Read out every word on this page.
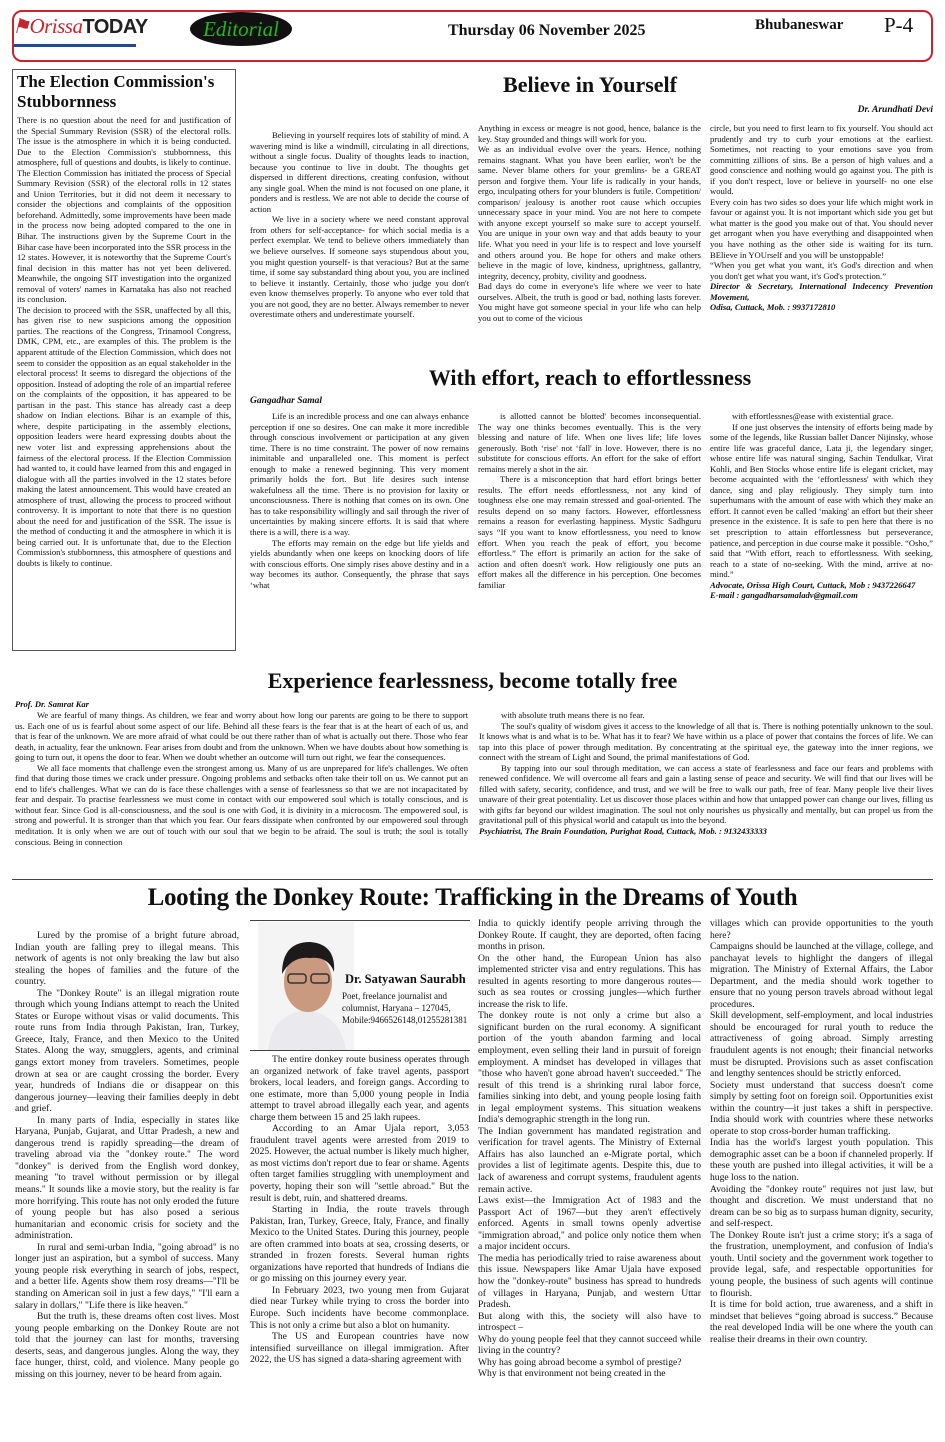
⚑OrissaTODAY	Editorial	Thursday 06 November 2025	Bhubaneswar P-4
The Election Commission's Stubbornness

There is no question about the need for and justification of the Special Summary Revision (SSR) of the electoral rolls. The issue is the atmosphere in which it is being conducted. Due to the Election Commission's stubbornness, this atmosphere, full of questions and doubts, is likely to continue.

The Election Commission has initiated the process of Special Summary Revision (SSR) of the electoral rolls in 12 states and Union Territories, but it did not deem it necessary to consider the objections and complaints of the opposition beforehand. Admittedly, some improvements have been made in the process now being adopted compared to the one in Bihar. The instructions given by the Supreme Court in the Bihar case have been incorporated into the SSR process in the 12 states. However, it is noteworthy that the Supreme Court's final decision in this matter has not yet been delivered. Meanwhile, the ongoing SIT investigation into the organized removal of voters' names in Karnataka has also not reached its conclusion.

The decision to proceed with the SSR, unaffected by all this, has given rise to new suspicions among the opposition parties. The reactions of the Congress, Trinamool Congress, DMK, CPM, etc., are examples of this. The problem is the apparent attitude of the Election Commission, which does not seem to consider the opposition as an equal stakeholder in the electoral process! It seems to disregard the objections of the opposition. Instead of adopting the role of an impartial referee on the complaints of the opposition, it has appeared to be partisan in the past. This stance has already cast a deep shadow on Indian elections. Bihar is an example of this, where, despite participating in the assembly elections, opposition leaders were heard expressing doubts about the new voter list and expressing apprehensions about the fairness of the electoral process. If the Election Commission had wanted to, it could have learned from this and engaged in dialogue with all the parties involved in the 12 states before making the latest announcement. This would have created an atmosphere of trust, allowing the process to proceed without controversy. It is important to note that there is no question about the need for and justification of the SSR. The issue is the method of conducting it and the atmosphere in which it is being carried out. It is unfortunate that, due to the Election Commission's stubbornness, this atmosphere of questions and doubts is likely to continue.

Believe in Yourself
Dr. Arundhati Devi

Believing in yourself requires lots of stability of mind. A wavering mind is like a windmill, circulating in all directions, without a single focus. Duality of thoughts leads to inaction, because you continue to live in doubt. The thoughts get dispersed in different directions, creating confusion, without any single goal. When the mind is not focused on one plane, it ponders and is restless. We are not able to decide the course of action

We live in a society where we need constant approval from others for self-acceptance- for which social media is a perfect exemplar. We tend to believe others immediately than we believe ourselves. If someone says stupendous about you, you might question yourself- is that veracious? But at the same time, if some say substandard thing about you, you are inclined to believe it instantly. Certainly, those who judge you don't even know themselves properly. To anyone who ever told that you are not good, they are no better. Always remember to never overestimate others and underestimate yourself.

Anything in excess or meagre is not good, hence, balance is the key. Stay grounded and things will work for you.

We as an individual evolve over the years. Hence, nothing remains stagnant. What you have been earlier, won't be the same. Never blame others for your gremlins- be a GREAT person and forgive them. Your life is radically in your hands, ergo, inculpating others for your blunders is futile. Competition/ comparison/ jealousy is another root cause which occupies unnecessary space in your mind. You are not here to compete with anyone except yourself so make sure to accept yourself. You are unique in your own way and that adds beauty to your life. What you need in your life is to respect and love yourself and others around you. Be hope for others and make others believe in the magic of love, kindness, uprightness, gallantry, integrity, decency, probity, civility and goodness.

Bad days do come in everyone's life where we veer to hate ourselves. Albeit, the truth is good or bad, nothing lasts forever. You might have got someone special in your life who can help you out to come of the vicious

circle, but you need to first learn to fix yourself. You should act prudently and try to curb your emotions at the earliest. Sometimes, not reacting to your emotions save you from committing zillions of sins. Be a person of high values and a good conscience and nothing would go against you. The pith is if you don't respect, love or believe in yourself- no one else would.

Every coin has two sides so does your life which might work in favour or against you. It is not important which side you get but what matter is the good you make out of that. You should never get arrogant when you have everything and disappointed when you have nothing as the other side is waiting for its turn. BElieve in YOUrself and you will be unstoppable!

“When you get what you want, it's God's direction and when you don't get what you want, it's God's protection.”

Director & Secretary, International Indecency Prevention Movement,
Odisa, Cuttack, Mob. : 9937172810
With effort, reach to effortlessness
Gangadhar Samal

Life is an incredible process and one can always enhance perception if one so desires. One can make it more incredible through conscious involvement or participation at any given time. There is no time constraint. The power of now remains inimitable and unparalleled one. This moment is perfect enough to make a renewed beginning. This very moment primarily holds the fort. But life desires such intense wakefulness all the time. There is no provision for laxity or unconsciousness. There is nothing that comes on its own. One has to take responsibility willingly and sail through the river of uncertainties by making sincere efforts. It is said that where there is a will, there is a way.

The efforts may remain on the edge but life yields and yields abundantly when one keeps on knocking doors of life with conscious efforts. One simply rises above destiny and in a way becomes its author. Consequently, the phrase that says ‘what

is allotted cannot be blotted' becomes inconsequential. The way one thinks becomes eventually. This is the very blessing and nature of life. When one lives life; life loves generously. Both ‘rise' not ‘fall' in love. However, there is no substitute for conscious efforts. An effort for the sake of effort remains merely a shot in the air.

There is a misconception that hard effort brings better results. The effort needs effortlessness, not any kind of toughness else one may remain stressed and goal-oriented. The results depend on so many factors. However, effortlessness remains a reason for everlasting happiness. Mystic Sadhguru says “If you want to know effortlessness, you need to know effort. When you reach the peak of effort, you become effortless.” The effort is primarily an action for the sake of action and often doesn't work. How religiously one puts an effort makes all the difference in his perception. One becomes familiar

with effortlessnes@ease with existential grace.

If one just observes the intensity of efforts being made by some of the legends, like Russian ballet Dancer Nijinsky, whose entire life was graceful dance, Lata ji, the legendary singer, whose entire life was natural singing, Sachin Tendulkar, Virat Kohli, and Ben Stocks whose entire life is elegant cricket, may become acquainted with the ‘effortlessness' with which they dance, sing and play religiously. They simply turn into superhumans with the amount of ease with which they make an effort. It cannot even be called ‘making' an effort but their sheer presence in the existence. It is safe to pen here that there is no set prescription to attain effortlessness but perseverance, patience, and perception in due course make it possible. “Osho,” said that “With effort, reach to effortlessness. With seeking, reach to a state of no-seeking. With the mind, arrive at no-mind.”

Advocate, Orissa High Court, Cuttack, Mob : 9437226647
E-mail : gangadharsamaladv@gmail.com
Experience fearlessness, become totally free
Prof. Dr. Samrat Kar

We are fearful of many things. As children, we fear and worry about how long our parents are going to be there to support us. Each one of us is fearful about some aspect of our life. Behind all these fears is the fear that is at the heart of each of us, and that is fear of the unknown. We are more afraid of what could be out there rather than of what is actually out there. Those who fear death, in actuality, fear the unknown. Fear arises from doubt and from the unknown. When we have doubts about how something is going to turn out, it opens the door to fear. When we doubt whether an outcome will turn out right, we fear the consequences.

We all face moments that challenge even the strongest among us. Many of us are unprepared for life's challenges. We often find that during those times we crack under pressure. Ongoing problems and setbacks often take their toll on us. We cannot put an end to life's challenges. What we can do is face these challenges with a sense of fearlessness so that we are not incapacitated by fear and despair. To practise fearlessness we must come in contact with our empowered soul which is totally conscious, and is without fear. Since God is all-consciousness, and the soul is one with God, it is divinity in a microcosm. The empowered soul, is strong and powerful. It is stronger than that which you fear. Our fears dissipate when confronted by our empowered soul through meditation. It is only when we are out of touch with our soul that we begin to be afraid. The soul is truth; the soul is totally conscious. Being in connection

with absolute truth means there is no fear.

The soul's quality of wisdom gives it access to the knowledge of all that is. There is nothing potentially unknown to the soul. It knows what is and what is to be. What has it to fear? We have within us a place of power that contains the forces of life. We can tap into this place of power through meditation. By concentrating at the spiritual eye, the gateway into the inner regions, we connect with the stream of Light and Sound, the primal manifestations of God.

By tapping into our soul through meditation, we can access a state of fearlessness and face our fears and problems with renewed confidence. We will overcome all fears and gain a lasting sense of peace and security. We will find that our lives will be filled with safety, security, confidence, and trust, and we will be free to walk our path, free of fear. Many people live their lives unaware of their great potentiality. Let us discover those places within and how that untapped power can change our lives, filling us with gifts far beyond our wildest imagination. The soul not only nourishes us physically and mentally, but can propel us from the gravitational pull of this physical world and catapult us into the beyond.

Psychiatrist, The Brain Foundation, Purighat Road, Cuttack, Mob. : 9132433333
Looting the Donkey Route: Trafficking in the Dreams of Youth

Lured by the promise of a bright future abroad, Indian youth are falling prey to illegal means. This network of agents is not only breaking the law but also stealing the hopes of families and the future of the country.

The "Donkey Route" is an illegal migration route through which young Indians attempt to reach the United States or Europe without visas or valid documents. This route runs from India through Pakistan, Iran, Turkey, Greece, Italy, France, and then Mexico to the United States. Along the way, smugglers, agents, and criminal gangs extort money from travelers. Sometimes, people drown at sea or are caught crossing the border. Every year, hundreds of Indians die or disappear on this dangerous journey—leaving their families deeply in debt and grief.

In many parts of India, especially in states like Haryana, Punjab, Gujarat, and Uttar Pradesh, a new and dangerous trend is rapidly spreading—the dream of traveling abroad via the "donkey route." The word "donkey" is derived from the English word donkey, meaning "to travel without permission or by illegal means." It sounds like a movie story, but the reality is far more horrifying. This route has not only eroded the future of young people but has also posed a serious humanitarian and economic crisis for society and the administration.

In rural and semi-urban India, "going abroad" is no longer just an aspiration, but a symbol of success. Many young people risk everything in search of jobs, respect, and a better life. Agents show them rosy dreams—"I'll be standing on American soil in just a few days," "I'll earn a salary in dollars," "Life there is like heaven."

But the truth is, these dreams often cost lives. Most young people embarking on the Donkey Route are not told that the journey can last for months, traversing deserts, seas, and dangerous jungles. Along the way, they face hunger, thirst, cold, and violence. Many people go missing on this journey, never to be heard from again.

Dr. Satyawan Saurabh
Poet, freelance journalist and columnist, Haryana – 127045, Mobile:9466526148,01255281381

The entire donkey route business operates through an organized network of fake travel agents, passport brokers, local leaders, and foreign gangs. According to one estimate, more than 5,000 young people in India attempt to travel abroad illegally each year, and agents charge them between 15 and 25 lakh rupees.

According to an Amar Ujala report, 3,053 fraudulent travel agents were arrested from 2019 to 2025. However, the actual number is likely much higher, as most victims don't report due to fear or shame. Agents often target families struggling with unemployment and poverty, hoping their son will "settle abroad." But the result is debt, ruin, and shattered dreams.

Starting in India, the route travels through Pakistan, Iran, Turkey, Greece, Italy, France, and finally Mexico to the United States. During this journey, people are often crammed into boats at sea, crossing deserts, or stranded in frozen forests. Several human rights organizations have reported that hundreds of Indians die or go missing on this journey every year.

In February 2023, two young men from Gujarat died near Turkey while trying to cross the border into Europe. Such incidents have become commonplace. This is not only a crime but also a blot on humanity.

The US and European countries have now intensified surveillance on illegal immigration. After 2022, the US has signed a data-sharing agreement with

India to quickly identify people arriving through the Donkey Route. If caught, they are deported, often facing months in prison.

On the other hand, the European Union has also implemented stricter visa and entry regulations. This has resulted in agents resorting to more dangerous routes—such as sea routes or crossing jungles—which further increase the risk to life.

The donkey route is not only a crime but also a significant burden on the rural economy. A significant portion of the youth abandon farming and local employment, even selling their land in pursuit of foreign employment. A mindset has developed in villages that "those who haven't gone abroad haven't succeeded." The result of this trend is a shrinking rural labor force, families sinking into debt, and young people losing faith in legal employment systems. This situation weakens India's demographic strength in the long run.

The Indian government has mandated registration and verification for travel agents. The Ministry of External Affairs has also launched an e-Migrate portal, which provides a list of legitimate agents. Despite this, due to lack of awareness and corrupt systems, fraudulent agents remain active.

Laws exist—the Immigration Act of 1983 and the Passport Act of 1967—but they aren't effectively enforced. Agents in small towns openly advertise "immigration abroad," and police only notice them when a major incident occurs.

The media has periodically tried to raise awareness about this issue. Newspapers like Amar Ujala have exposed how the "donkey-route" business has spread to hundreds of villages in Haryana, Punjab, and western Uttar Pradesh.

But along with this, the society will also have to introspect –

Why do young people feel that they cannot succeed while living in the country?

Why has going abroad become a symbol of prestige?

Why is that environment not being created in the

villages which can provide opportunities to the youth here?

Campaigns should be launched at the village, college, and panchayat levels to highlight the dangers of illegal migration. The Ministry of External Affairs, the Labor Department, and the media should work together to ensure that no young person travels abroad without legal procedures.

Skill development, self-employment, and local industries should be encouraged for rural youth to reduce the attractiveness of going abroad. Simply arresting fraudulent agents is not enough; their financial networks must be disrupted. Provisions such as asset confiscation and lengthy sentences should be strictly enforced.

Society must understand that success doesn't come simply by setting foot on foreign soil. Opportunities exist within the country—it just takes a shift in perspective. India should work with countries where these networks operate to stop cross-border human trafficking.

India has the world's largest youth population. This demographic asset can be a boon if channeled properly. If these youth are pushed into illegal activities, it will be a huge loss to the nation.

Avoiding the "donkey route" requires not just law, but thought and discretion. We must understand that no dream can be so big as to surpass human dignity, security, and self-respect.

The Donkey Route isn't just a crime story; it's a saga of the frustration, unemployment, and confusion of India's youth. Until society and the government work together to provide legal, safe, and respectable opportunities for young people, the business of such agents will continue to flourish.

It is time for bold action, true awareness, and a shift in mindset that believes “going abroad is success.” Because the real developed India will be one where the youth can realise their dreams in their own country.
